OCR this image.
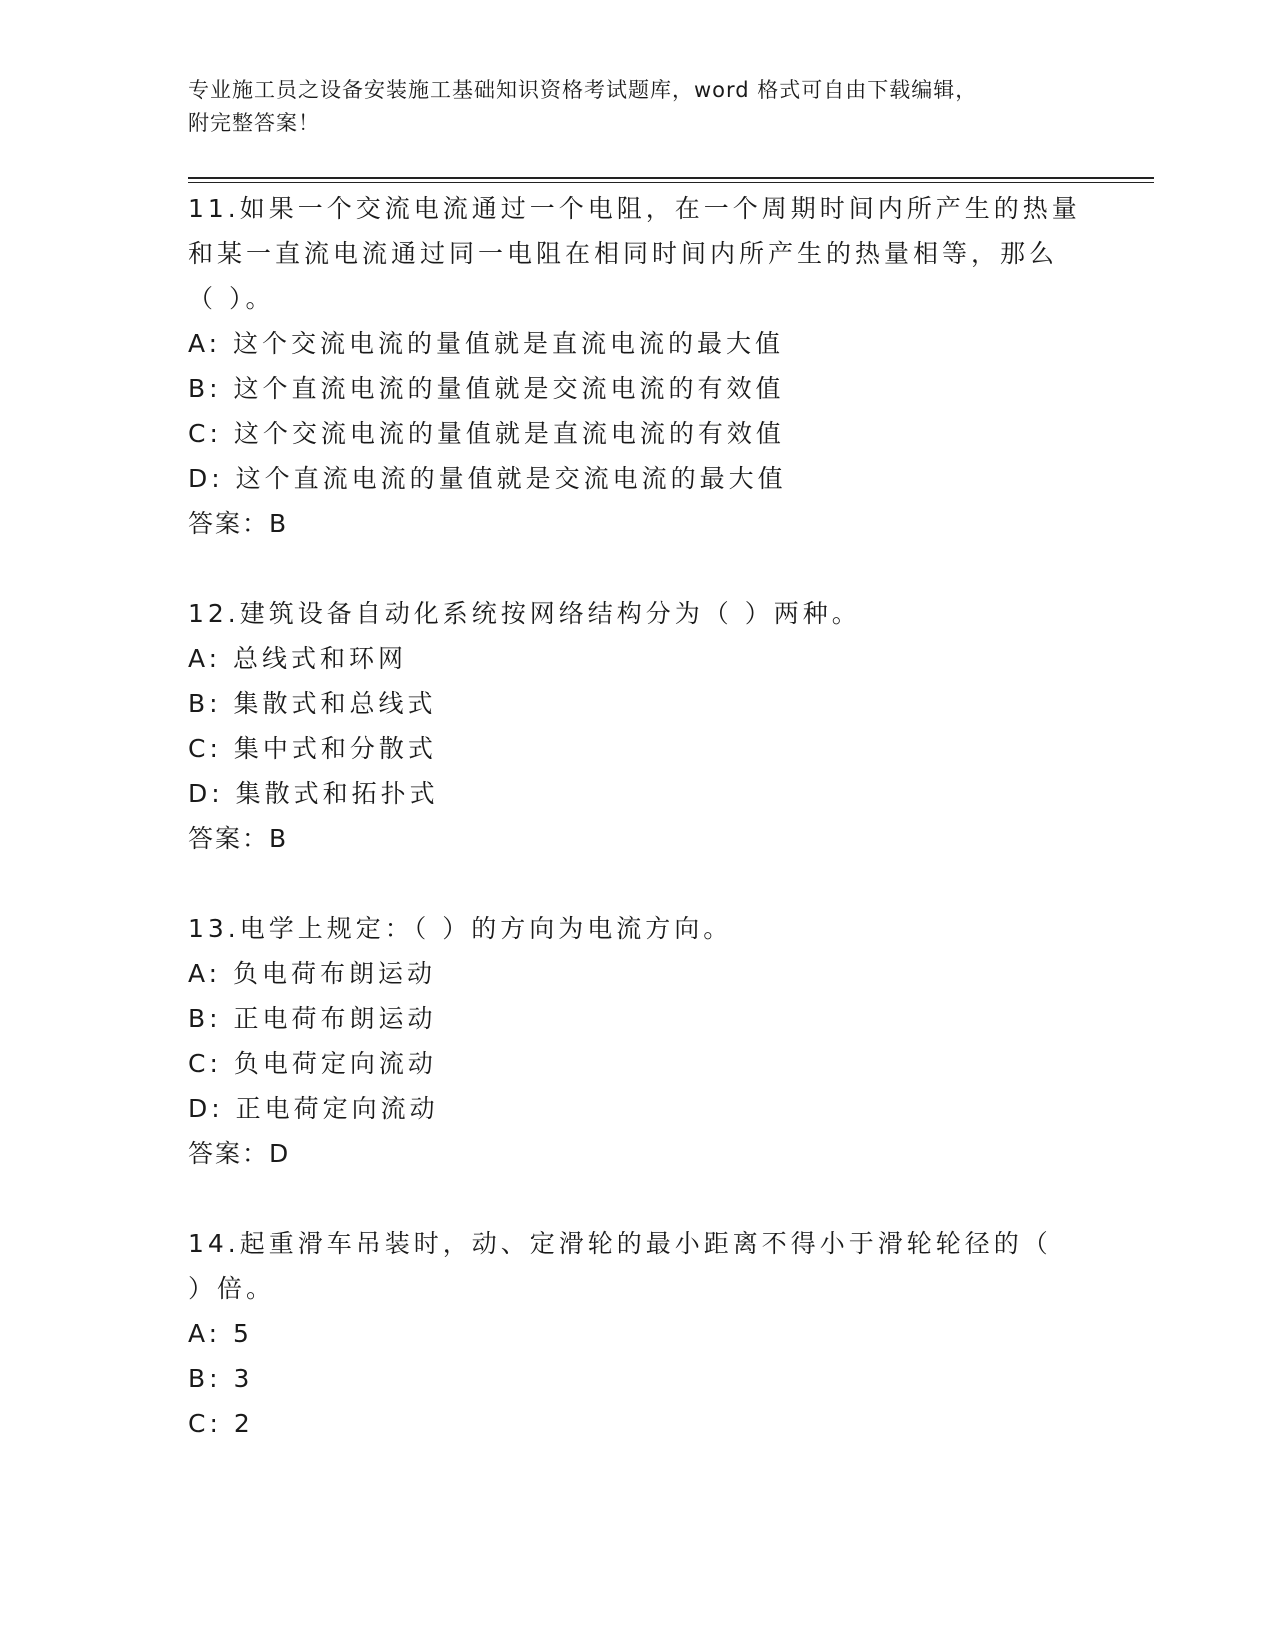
专业施工员之设备安装施工基础知识资格考试题库，word 格式可自由下载编辑，
附完整答案！
11.如果一个交流电流通过一个电阻，在一个周期时间内所产生的热量
和某一直流电流通过同一电阻在相同时间内所产生的热量相等，那么
（ ）。
A: 这个交流电流的量值就是直流电流的最大值
B: 这个直流电流的量值就是交流电流的有效值
C: 这个交流电流的量值就是直流电流的有效值
D: 这个直流电流的量值就是交流电流的最大值
答案：B
12.建筑设备自动化系统按网络结构分为（ ）两种。
A: 总线式和环网
B: 集散式和总线式
C: 集中式和分散式
D: 集散式和拓扑式
答案：B
13.电学上规定：（ ）的方向为电流方向。
A: 负电荷布朗运动
B: 正电荷布朗运动
C: 负电荷定向流动
D: 正电荷定向流动
答案：D
14.起重滑车吊装时，动、定滑轮的最小距离不得小于滑轮轮径的（
）倍。
A: 5
B: 3
C: 2
